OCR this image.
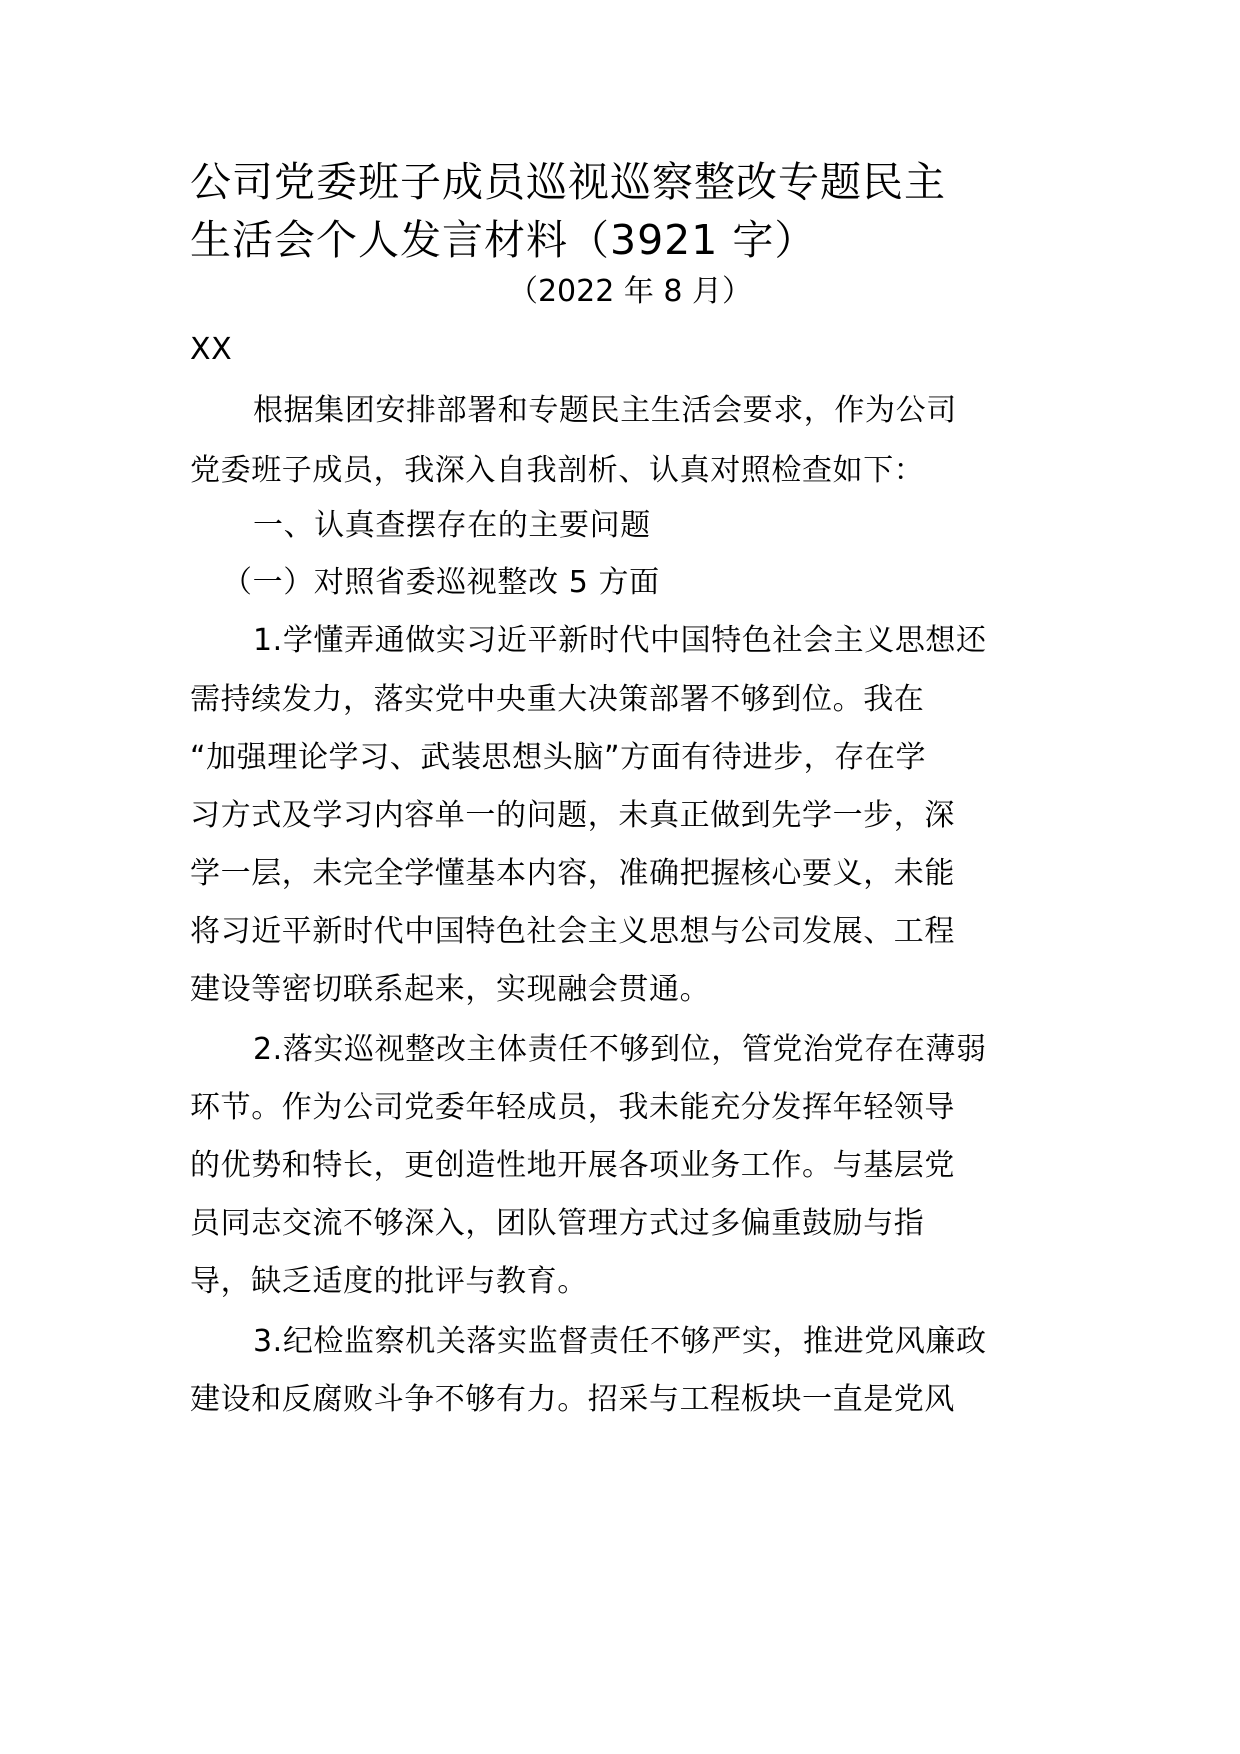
公司党委班子成员巡视巡察整改专题民主
生活会个人发言材料（3921 字）
（2022 年 8 月）
XX
根据集团安排部署和专题民主生活会要求，作为公司
党委班子成员，我深入自我剖析、认真对照检查如下：
一、认真查摆存在的主要问题
（一）对照省委巡视整改 5 方面
1.学懂弄通做实习近平新时代中国特色社会主义思想还
需持续发力，落实党中央重大决策部署不够到位。我在
“加强理论学习、武装思想头脑”方面有待进步，存在学
习方式及学习内容单一的问题，未真正做到先学一步，深
学一层，未完全学懂基本内容，准确把握核心要义，未能
将习近平新时代中国特色社会主义思想与公司发展、工程
建设等密切联系起来，实现融会贯通。
2.落实巡视整改主体责任不够到位，管党治党存在薄弱
环节。作为公司党委年轻成员，我未能充分发挥年轻领导
的优势和特长，更创造性地开展各项业务工作。与基层党
员同志交流不够深入，团队管理方式过多偏重鼓励与指
导，缺乏适度的批评与教育。
3.纪检监察机关落实监督责任不够严实，推进党风廉政
建设和反腐败斗争不够有力。招采与工程板块一直是党风
